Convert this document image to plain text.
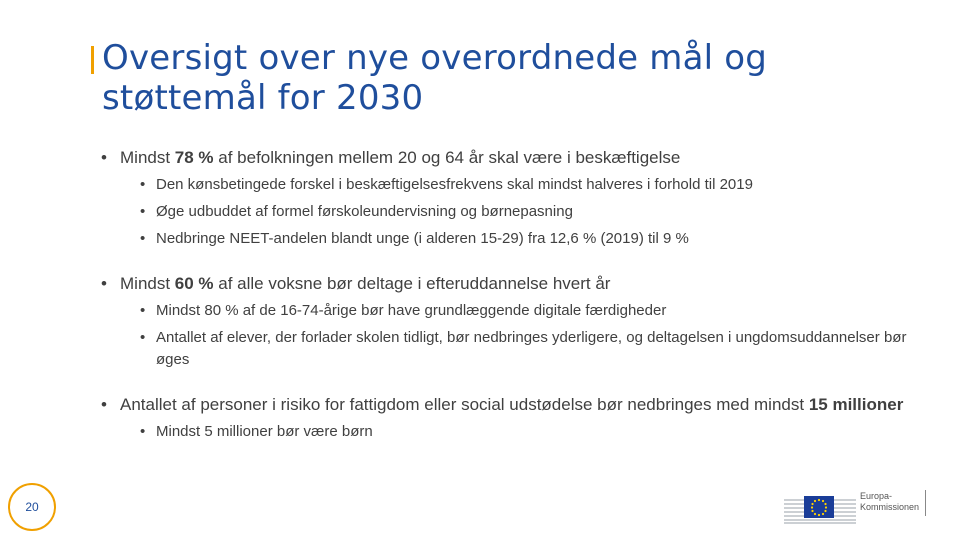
Oversigt over nye overordnede mål og støttemål for 2030
• Mindst 78 % af befolkningen mellem 20 og 64 år skal være i beskæftigelse
• Den kønsbetingede forskel i beskæftigelsesfrekvens skal mindst halveres i forhold til 2019
• Øge udbuddet af formel førskoleundervisning og børnepasning
• Nedbringe NEET-andelen blandt unge (i alderen 15-29) fra 12,6 % (2019) til 9 %
• Mindst 60 % af alle voksne bør deltage i efteruddannelse hvert år
• Mindst 80 % af de 16-74-årige bør have grundlæggende digitale færdigheder
• Antallet af elever, der forlader skolen tidligt, bør nedbringes yderligere, og deltagelsen i ungdomsuddannelser bør øges
• Antallet af personer i risiko for fattigdom eller social udstødelse bør nedbringes med mindst 15 millioner
• Mindst 5 millioner bør være børn
20
Europa-
Kommissionen
